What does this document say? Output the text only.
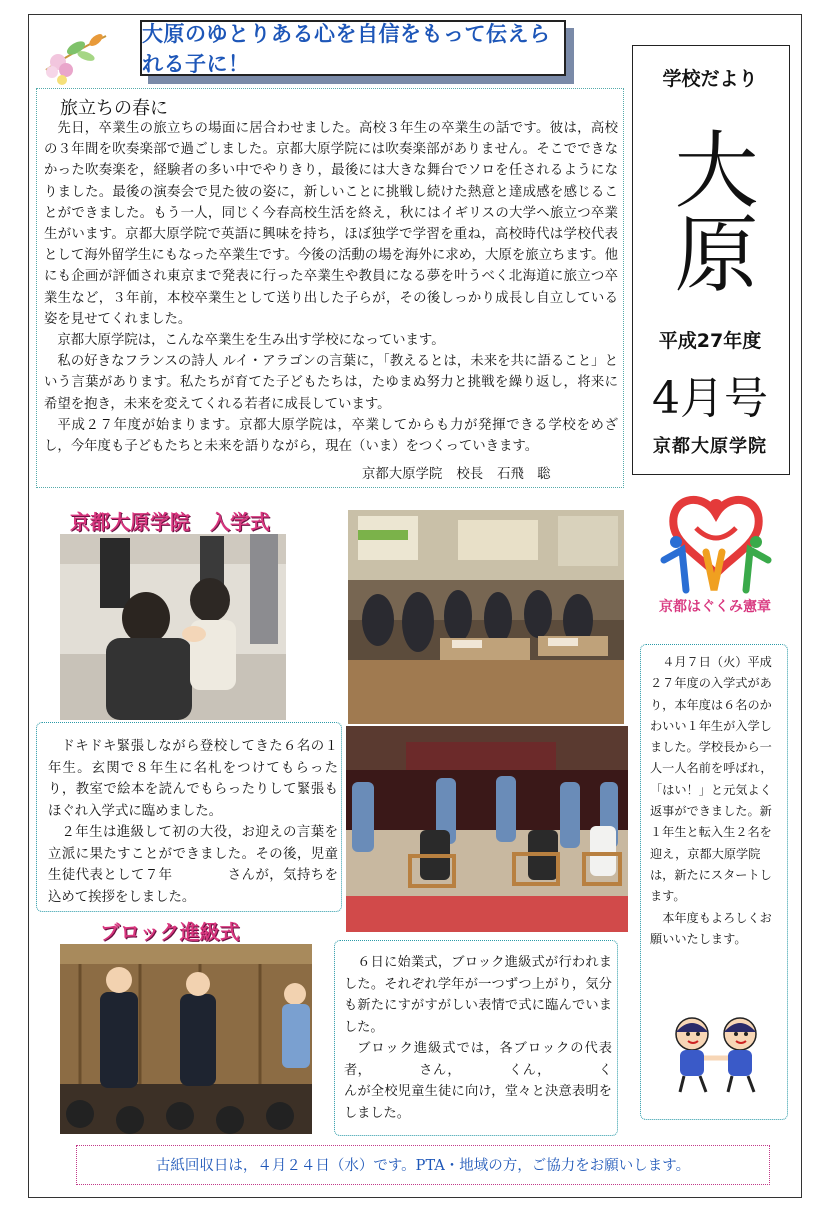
大原のゆとりある心を自信をもって伝えられる子に！
学校だより
大原
平成27年度
4月号
京都大原学院
旅立ちの春に

先日，卒業生の旅立ちの場面に居合わせました。高校３年生の卒業生の話です。彼は，高校の３年間を吹奏楽部で過ごしました。京都大原学院には吹奏楽部がありません。そこでできなかった吹奏楽を，経験者の多い中でやりきり，最後には大きな舞台でソロを任されるようになりました。最後の演奏会で見た彼の姿に，新しいことに挑戦し続けた熱意と達成感を感じることができました。もう一人，同じく今春高校生活を終え，秋にはイギリスの大学へ旅立つ卒業生がいます。京都大原学院で英語に興味を持ち，ほぼ独学で学習を重ね，高校時代は学校代表として海外留学生にもなった卒業生です。今後の活動の場を海外に求め，大原を旅立ちます。他にも企画が評価され東京まで発表に行った卒業生や教員になる夢を叶うべく北海道に旅立つ卒業生など，３年前，本校卒業生として送り出した子らが，その後しっかり成長し自立している姿を見せてくれました。

京都大原学院は，こんな卒業生を生み出す学校になっています。

私の好きなフランスの詩人 ルイ・アラゴンの言葉に，「教えるとは，未来を共に語ること」という言葉があります。私たちが育てた子どもたちは，たゆまぬ努力と挑戦を繰り返し，将来に希望を抱き，未来を変えてくれる若者に成長しています。

平成２７年度が始まります。京都大原学院は，卒業してからも力が発揮できる学校をめざし，今年度も子どもたちと未来を語りながら，現在（いま）をつくっていきます。

京都大原学院 校長 石飛　聡
京都大原学院　入学式

ドキドキ緊張しながら登校してきた６名の１年生。玄関で８年生に名札をつけてもらったり，教室で絵本を読んでもらったりして緊張もほぐれ入学式に臨めました。

２年生は進級して初の大役，お迎えの言葉を立派に果たすことができました。その後，児童生徒代表として７年　　　　さんが，気持ちを込めて挨拶をしました。

ブロック進級式

６日に始業式，ブロック進級式が行われました。それぞれ学年が一つずつ上がり，気分も新たにすがすがしい表情で式に臨んでいました。

ブロック進級式では，各ブロックの代表者，　　　　さん，　　　　くん，　　　　くんが全校児童生徒に向け，堂々と決意表明をしました。

京都はぐくみ憲章

４月７日（火）平成２７年度の入学式があり，本年度は６名のかわいい１年生が入学しました。学校長から一人一人名前を呼ばれ，「はい！」と元気よく返事ができました。新１年生と転入生２名を迎え，京都大原学院は，新たにスタートします。

本年度もよろしくお願いいたします。

古紙回収日は，４月２４日（水）です。PTA・地域の方，ご協力をお願いします。
